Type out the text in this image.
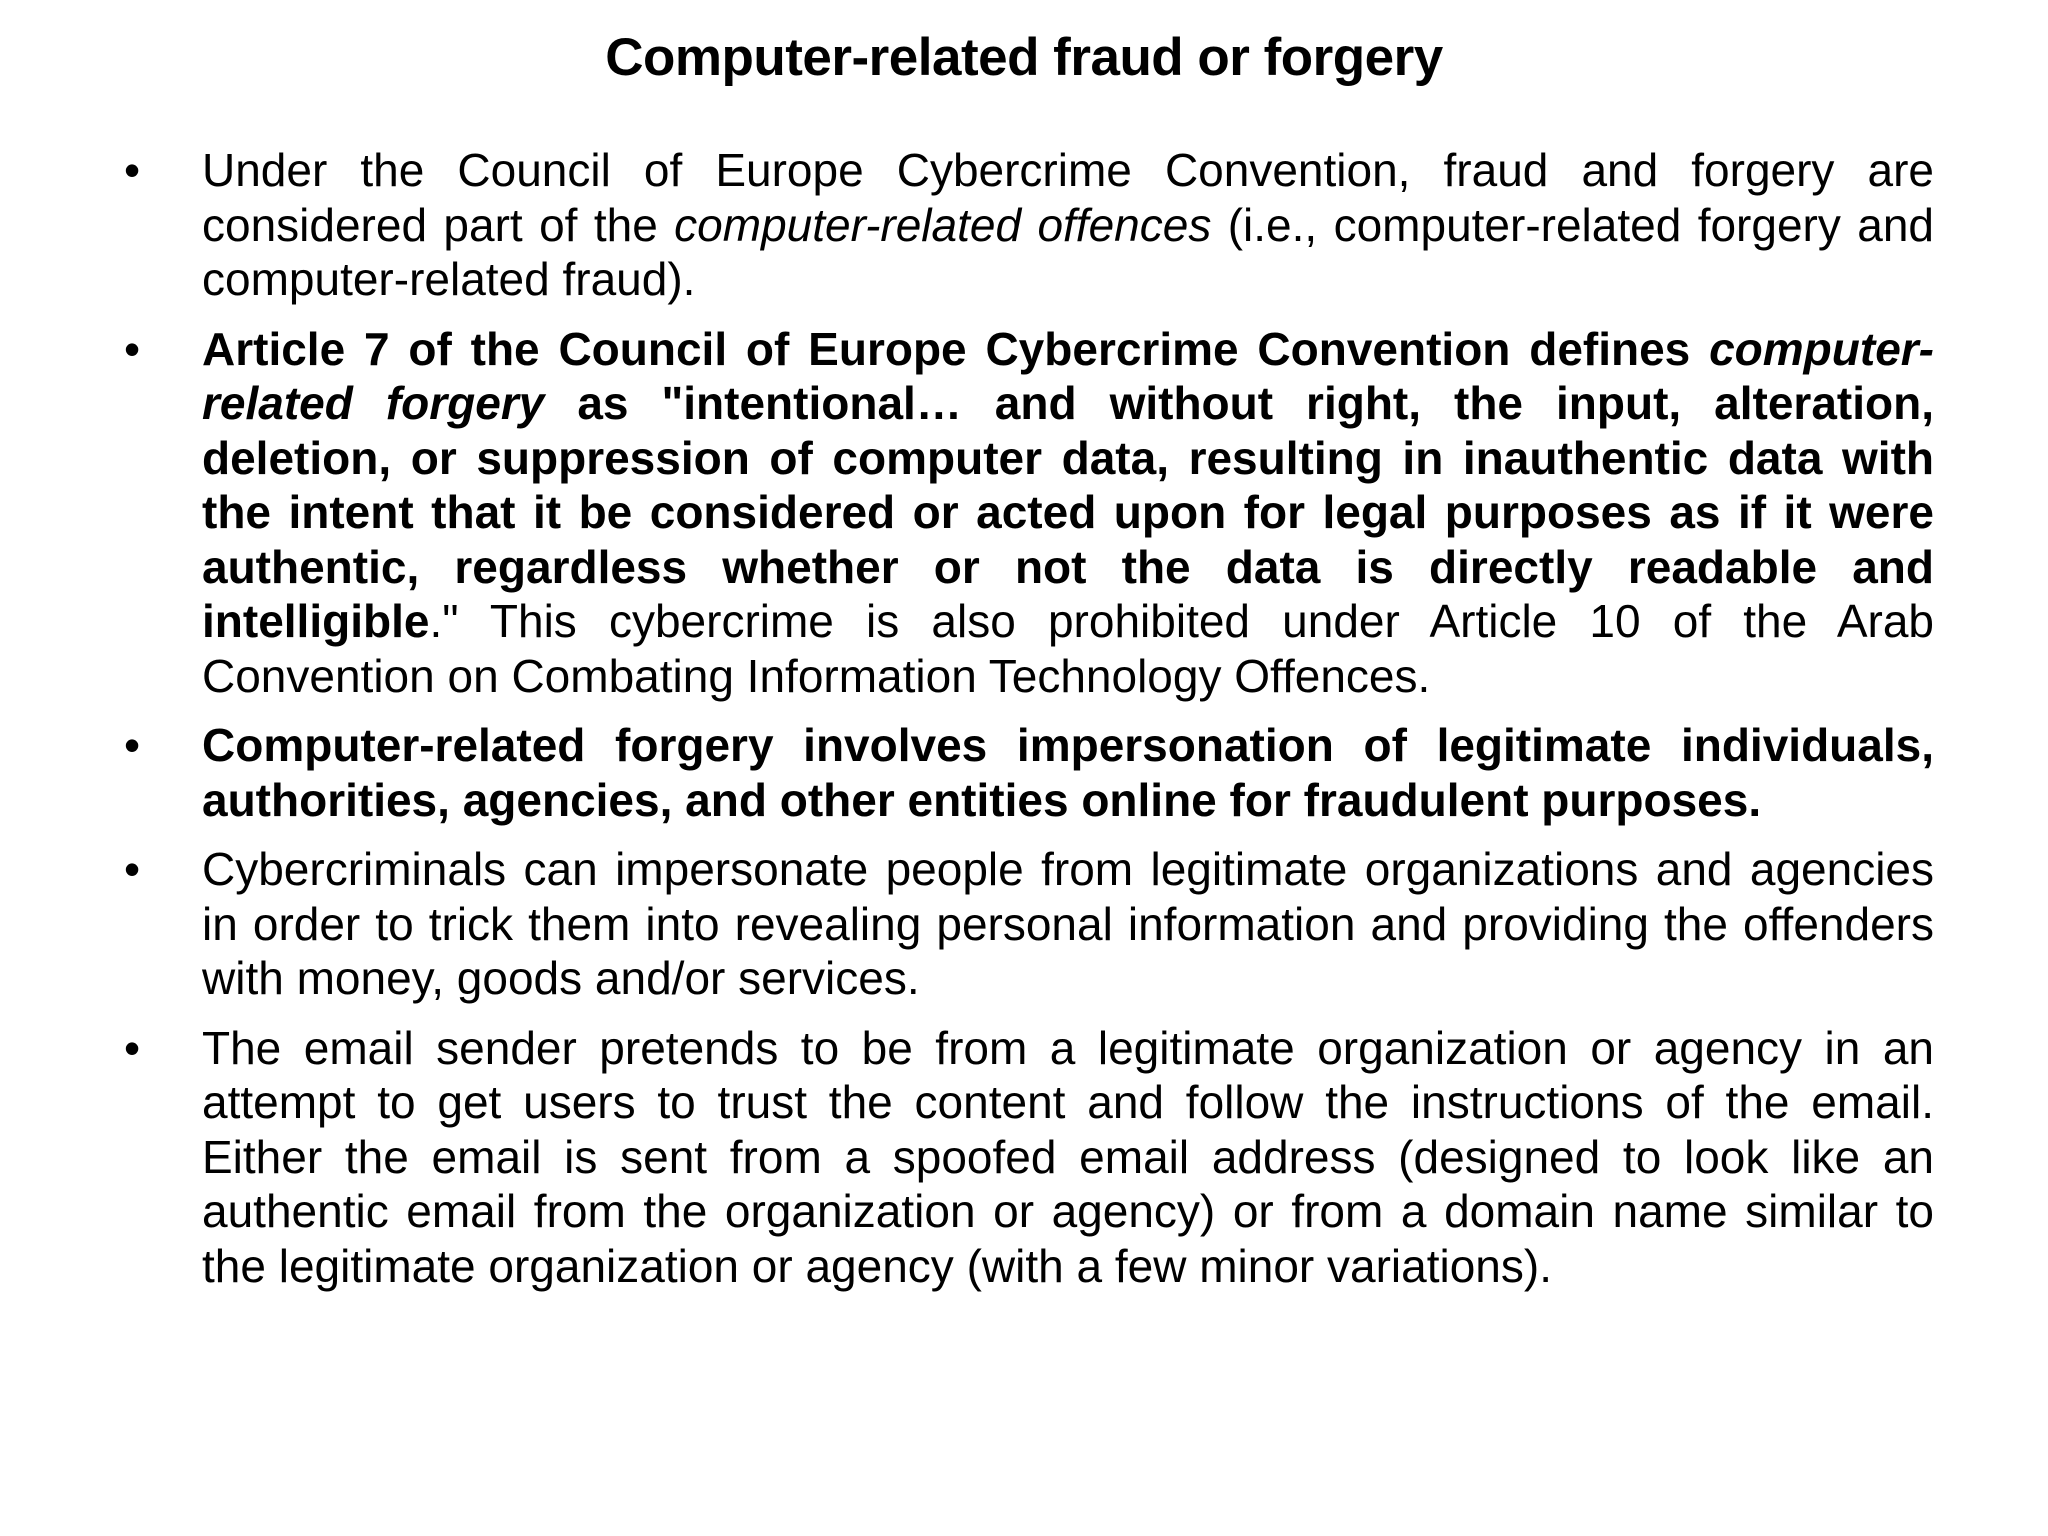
Computer-related fraud or forgery
•	Under the Council of Europe Cybercrime Convention, fraud and forgery are considered part of the computer-related offences (i.e., computer-related forgery and computer-related fraud).
•	Article 7 of the Council of Europe Cybercrime Convention defines computer-related forgery as "intentional… and without right, the input, alteration, deletion, or suppression of computer data, resulting in inauthentic data with the intent that it be considered or acted upon for legal purposes as if it were authentic, regardless whether or not the data is directly readable and intelligible." This cybercrime is also prohibited under Article 10 of the Arab Convention on Combating Information Technology Offences.
•	Computer-related forgery involves impersonation of legitimate individuals, authorities, agencies, and other entities online for fraudulent purposes.
•	Cybercriminals can impersonate people from legitimate organizations and agencies in order to trick them into revealing personal information and providing the offenders with money, goods and/or services.
•	The email sender pretends to be from a legitimate organization or agency in an attempt to get users to trust the content and follow the instructions of the email. Either the email is sent from a spoofed email address (designed to look like an authentic email from the organization or agency) or from a domain name similar to the legitimate organization or agency (with a few minor variations).
